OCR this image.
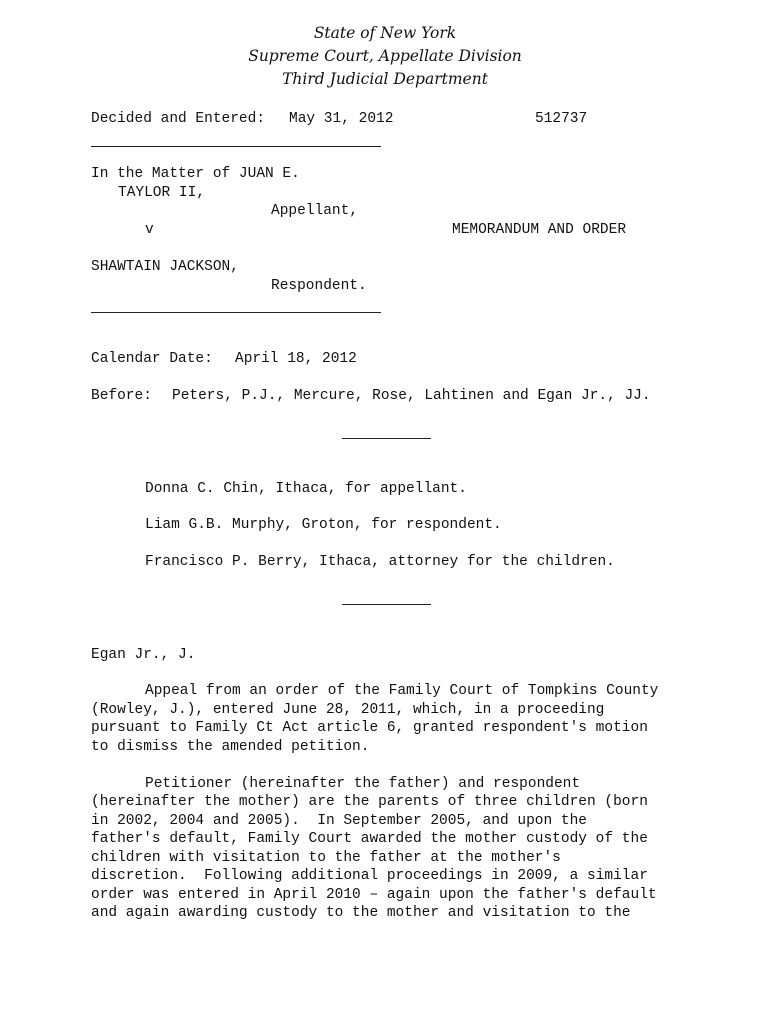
State of New York

Supreme Court, Appellate Division

Third Judicial Department

Decided and Entered: May 31, 2012	512737

In the Matter of JUAN E.

TAYLOR II,

Appellant,

v	MEMORANDUM AND ORDER

SHAWTAIN JACKSON,

Respondent.

Calendar Date: April 18, 2012

Before: Peters, P.J., Mercure, Rose, Lahtinen and Egan Jr., JJ.

Donna C. Chin, Ithaca, for appellant.

Liam G.B. Murphy, Groton, for respondent.

Francisco P. Berry, Ithaca, attorney for the children.

Egan Jr., J.

Appeal from an order of the Family Court of Tompkins County

(Rowley, J.), entered June 28, 2011, which, in a proceeding

pursuant to Family Ct Act article 6, granted respondent's motion

to dismiss the amended petition.

Petitioner (hereinafter the father) and respondent

(hereinafter the mother) are the parents of three children (born

in 2002, 2004 and 2005).  In September 2005, and upon the

father's default, Family Court awarded the mother custody of the

children with visitation to the father at the mother's

discretion.  Following additional proceedings in 2009, a similar

order was entered in April 2010 – again upon the father's default

and again awarding custody to the mother and visitation to the
